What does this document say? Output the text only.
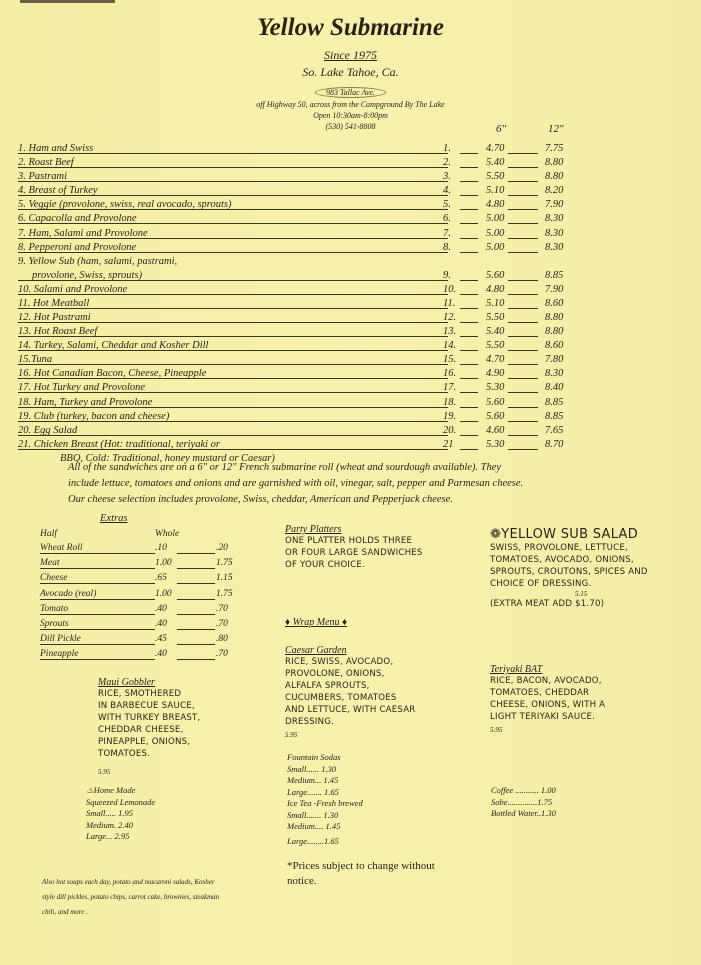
Yellow Submarine
Since 1975
So. Lake Tahoe, Ca.
983 Tallac Ave.
off Highway 50, across from the Campground By The Lake
Open 10:30am-8:00pm
(530) 541-8808	6"	12"
1. Ham and Swiss	1.	4.70	7.75
2. Roast Beef	2.	5.40	8.80
3. Pastrami	3.	5.50	8.80
4. Breast of Turkey	4.	5.10	8.20
5. Veggie (provolone, swiss, real avocado, sprouts)	5.	4.80	7.90
6. Capacolla and Provolone	6.	5.00	8.30
7. Ham, Salami and Provolone	7.	5.00	8.30
8. Pepperoni and Provolone	8.	5.00	8.30
9. Yellow Sub (ham, salami, pastrami,
provolone, Swiss, sprouts)	9.	5.60	8.85
10. Salami and Provolone	10.	4.80	7.90
11. Hot Meatball	11.	5.10	8.60
12. Hot Pastrami	12.	5.50	8.80
13. Hot Roast Beef	13.	5.40	8.80
14. Turkey, Salami, Cheddar and Kosher Dill	14.	5.50	8.60
15.Tuna	15.	4.70	7.80
16. Hot Canadian Bacon, Cheese, Pineapple	16.	4.90	8.30
17. Hot Turkey and Provolone	17.	5.30	8.40
18. Ham, Turkey and Provolone	18.	5.60	8.85
19. Club (turkey, bacon and cheese)	19.	5.60	8.85
20. Egg Salad	20.	4.60	7.65
21. Chicken Breast (Hot: traditional, teriyaki or
BBQ, Cold: Traditional, honey mustard or Caesar)
21	5.30	8.70
All of the sandwiches are on a 6" or 12" French submarine roll (wheat and sourdough available). They
include lettuce, tomatoes and onions and are garnished with oil, vinegar, salt, pepper and Parmesan cheese.
Our cheese selection includes provolone, Swiss, cheddar, American and Pepperjack cheese.
Extras
Half	Whole
Wheat Roll	.10	.20
Meat	1.00	1.75
Cheese	.65	1.15
Avocado (real)	1.00	1.75
Tomato	.40	.70
Sprouts	.40	.70
Dill Pickle	.45	.80
Pineapple	.40	.70
Party Platters
ONE PLATTER HOLDS THREE
OR FOUR LARGE SANDWICHES
OF YOUR CHOICE.
❁YELLOW SUB SALAD
SWISS, PROVOLONE, LETTUCE,
TOMATOES, AVOCADO, ONIONS,
SPROUTS, CROUTONS, SPICES AND
CHOICE OF DRESSING.
5.15
(EXTRA MEAT ADD $1.70)
♦ Wrap Menu ♦
Caesar Garden
RICE, SWISS, AVOCADO,
PROVOLONE, ONIONS,
ALFALFA SPROUTS,
CUCUMBERS, TOMATOES
AND LETTUCE, WITH CAESAR
DRESSING.
5.95
Maui Gobbler
RICE, SMOTHERED
IN BARBECUE SAUCE,
WITH TURKEY BREAST,
CHEDDAR CHEESE,
PINEAPPLE, ONIONS,
TOMATOES.
5.95
Teriyaki BAT
RICE, BACON, AVOCADO,
TOMATOES, CHEDDAR
CHEESE, ONIONS, WITH A
LIGHT TERIYAKI SAUCE.
5.95
♨Home Made
Squeezed Lemonade
Small..... 1.95
Medium. 2.40
Large... 2.95
Fountain Sodas
Small...... 1.30
Medium... 1.45
Large....... 1.65
Ice Tea -Fresh brewed
Small....... 1.30
Medium.... 1.45
Large........1.65
Coffee ........... 1.00
Sobe..............1.75
Bottled Water..1.30
Also hot soups each day, potato and macaroni salads, Kosher
style dill pickles, potato chips, carrot cake, brownies, steakman
chili, and more .
*Prices subject to change without
notice.
